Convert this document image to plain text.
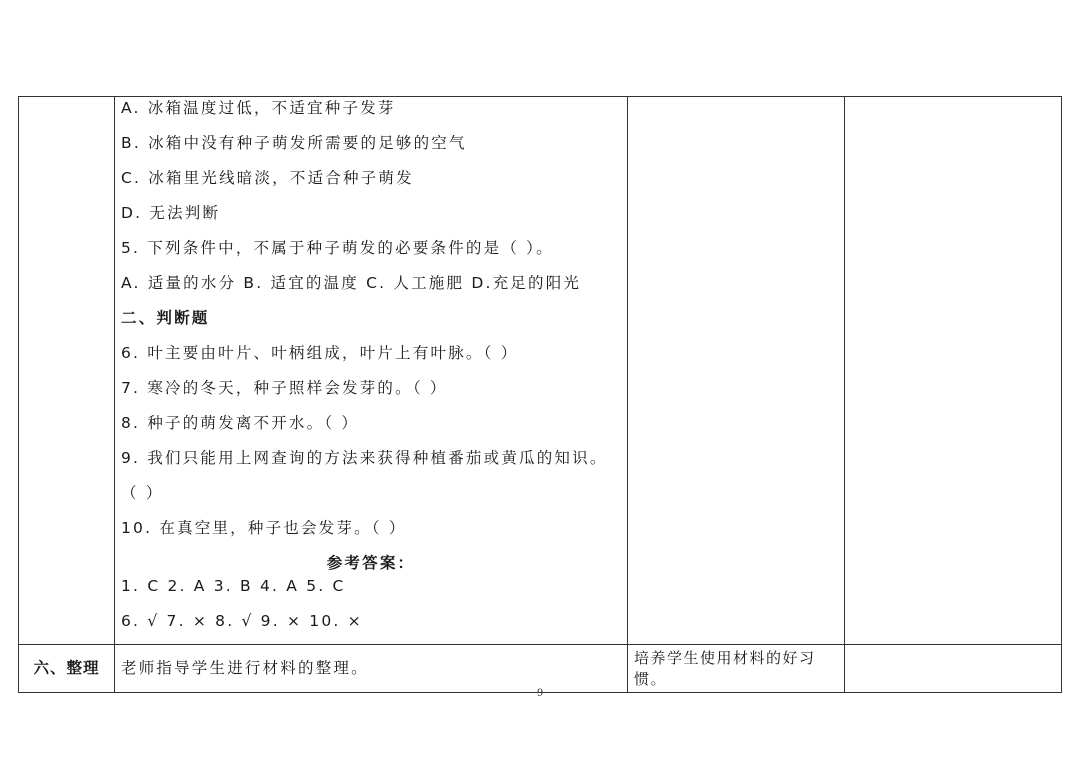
A. 冰箱温度过低，不适宜种子发芽
B. 冰箱中没有种子萌发所需要的足够的空气
C. 冰箱里光线暗淡，不适合种子萌发
D. 无法判断
5. 下列条件中，不属于种子萌发的必要条件的是（ ）。
A. 适量的水分 B. 适宜的温度 C. 人工施肥 D.充足的阳光
二、判断题
6. 叶主要由叶片、叶柄组成，叶片上有叶脉。（ ）
7. 寒冷的冬天，种子照样会发芽的。（ ）
8. 种子的萌发离不开水。（ ）
9. 我们只能用上网查询的方法来获得种植番茄或黄瓜的知识。
（ ）
10. 在真空里，种子也会发芽。（ ）
参考答案：
1. C 2. A 3. B 4. A 5. C
6. √ 7. × 8. √ 9. × 10. ×
六、整理	老师指导学生进行材料的整理。
培养学生使用材料的好习
惯。
9
